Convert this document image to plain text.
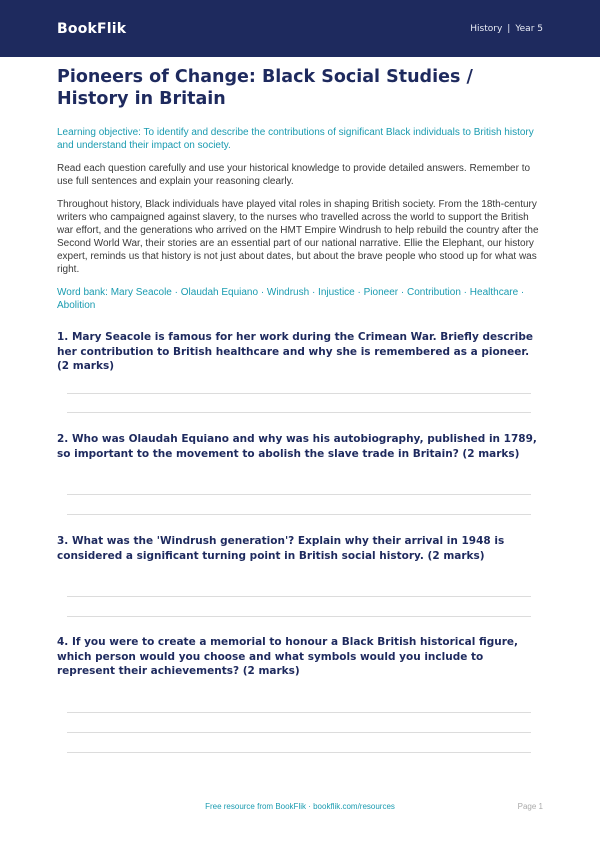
BookFlik	History | Year 5
Pioneers of Change: Black Social Studies / History in Britain

Learning objective: To identify and describe the contributions of significant Black individuals to British history and understand their impact on society.

Read each question carefully and use your historical knowledge to provide detailed answers. Remember to use full sentences and explain your reasoning clearly.

Throughout history, Black individuals have played vital roles in shaping British society. From the 18th-century writers who campaigned against slavery, to the nurses who travelled across the world to support the British war effort, and the generations who arrived on the HMT Empire Windrush to help rebuild the country after the Second World War, their stories are an essential part of our national narrative. Ellie the Elephant, our history expert, reminds us that history is not just about dates, but about the brave people who stood up for what was right.

Word bank: Mary Seacole · Olaudah Equiano · Windrush · Injustice · Pioneer · Contribution · Healthcare · Abolition

1. Mary Seacole is famous for her work during the Crimean War. Briefly describe her contribution to British healthcare and why she is remembered as a pioneer. (2 marks)

2. Who was Olaudah Equiano and why was his autobiography, published in 1789, so important to the movement to abolish the slave trade in Britain? (2 marks)

3. What was the 'Windrush generation'? Explain why their arrival in 1948 is considered a significant turning point in British social history. (2 marks)

4. If you were to create a memorial to honour a Black British historical figure, which person would you choose and what symbols would you include to represent their achievements? (2 marks)

Free resource from BookFlik · bookflik.com/resources	Page 1
